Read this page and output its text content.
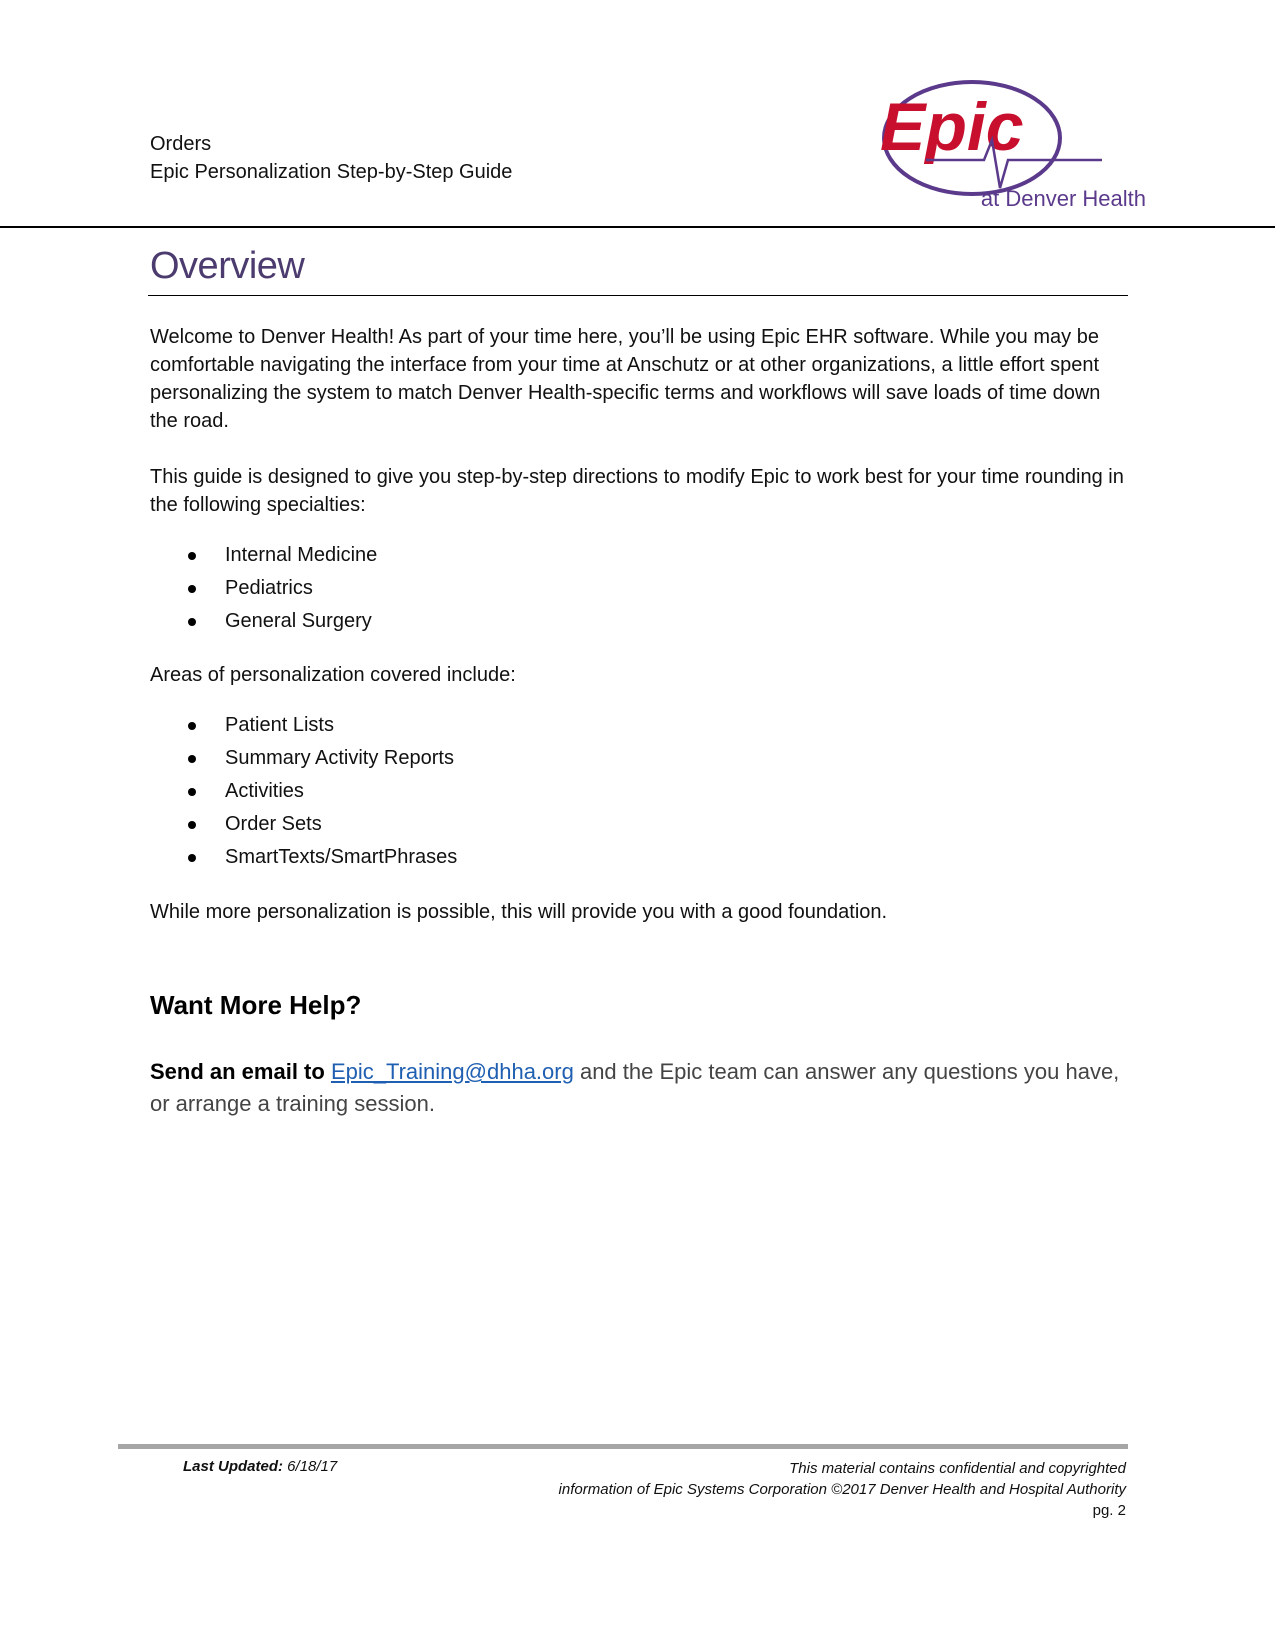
Orders
Epic Personalization Step-by-Step Guide
Epic
at Denver Health
Overview

Welcome to Denver Health! As part of your time here, you’ll be using Epic EHR software. While you may be comfortable navigating the interface from your time at Anschutz or at other organizations, a little effort spent personalizing the system to match Denver Health-specific terms and workflows will save loads of time down the road.

This guide is designed to give you step-by-step directions to modify Epic to work best for your time rounding in the following specialties:

Internal Medicine
Pediatrics
General Surgery

Areas of personalization covered include:

Patient Lists
Summary Activity Reports
Activities
Order Sets
SmartTexts/SmartPhrases

While more personalization is possible, this will provide you with a good foundation.

Want More Help?

Send an email to Epic_Training@dhha.org and the Epic team can answer any questions you have, or arrange a training session.

Last Updated: 6/18/17	This material contains confidential and copyrighted
information of Epic Systems Corporation ©2017 Denver Health and Hospital Authority
pg. 2
